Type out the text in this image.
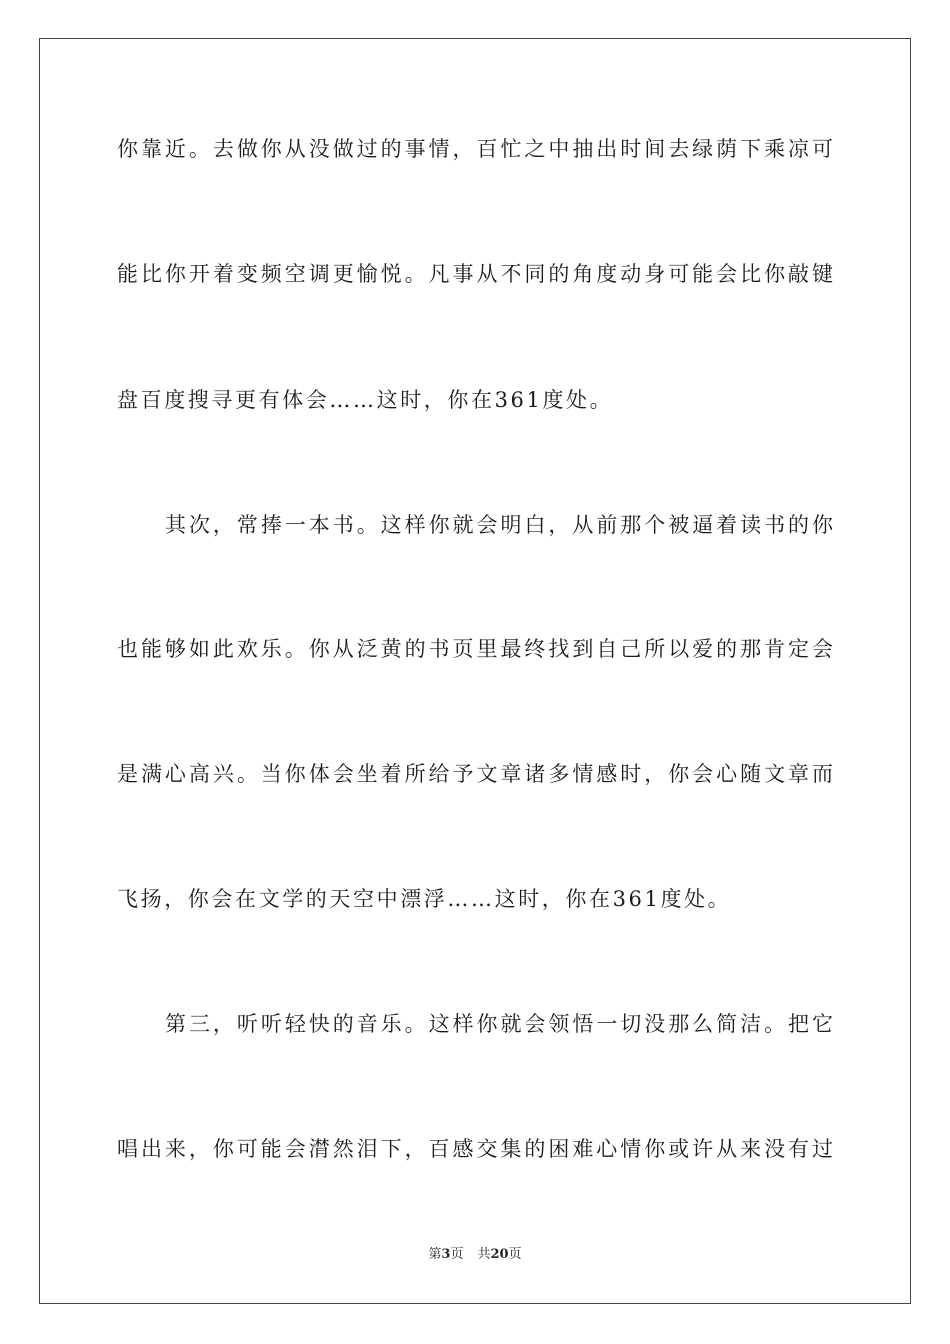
你靠近。去做你从没做过的事情，百忙之中抽出时间去绿荫下乘凉可
能比你开着变频空调更愉悦。凡事从不同的角度动身可能会比你敲键
盘百度搜寻更有体会……这时，你在361度处。
其次，常捧一本书。这样你就会明白，从前那个被逼着读书的你
也能够如此欢乐。你从泛黄的书页里最终找到自己所以爱的那肯定会
是满心高兴。当你体会坐着所给予文章诸多情感时，你会心随文章而
飞扬，你会在文学的天空中漂浮……这时，你在361度处。
第三，听听轻快的音乐。这样你就会领悟一切没那么简洁。把它
唱出来，你可能会潸然泪下，百感交集的困难心情你或许从来没有过
第3页 共20页
